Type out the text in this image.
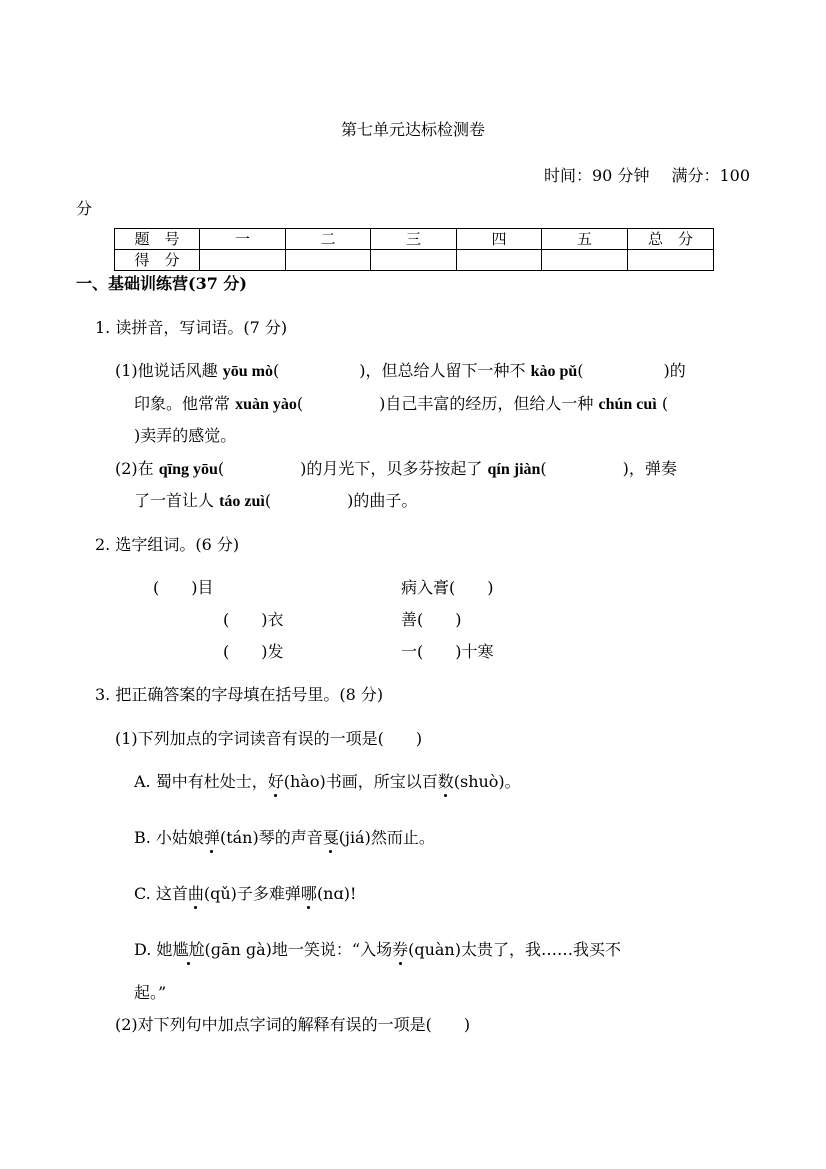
第七单元达标检测卷
时间：90 分钟 满分：100
分
题　号	一	二	三	四	五	总　分
得　分						
一、基础训练营(37 分)
1. 读拼音，写词语。(7 分)
(1)他说话风趣 yōu mò(	)，但总给人留下一种不 kào pǔ(	)的
印象。他常常 xuàn yào(	)自己丰富的经历，但给人一种 chún cuì (
)卖弄的感觉。
(2)在 qīng yōu(	)的月光下，贝多芬按起了 qín jiàn(	)，弹奏
了一首让人 táo zuì(	)的曲子。
2. 选字组词。(6 分)
(　　)目
(　　)衣
(　　)发
病入膏(　　)
善(　　)
一(　　)十寒
3. 把正确答案的字母填在括号里。(8 分)
(1)下列加点的字词读音有误的一项是(　　)
A. 蜀中有杜处士，好(hào)书画，所宝以百数(shuò)。
B. 小姑娘弹(tán)琴的声音戛(jiá)然而止。
C. 这首曲(qǔ)子多难弹哪(nɑ)!
D. 她尴尬(ɡān ɡà)地一笑说：“入场券(quàn)太贵了，我……我买不
起。”
(2)对下列句中加点字词的解释有误的一项是(　　)
